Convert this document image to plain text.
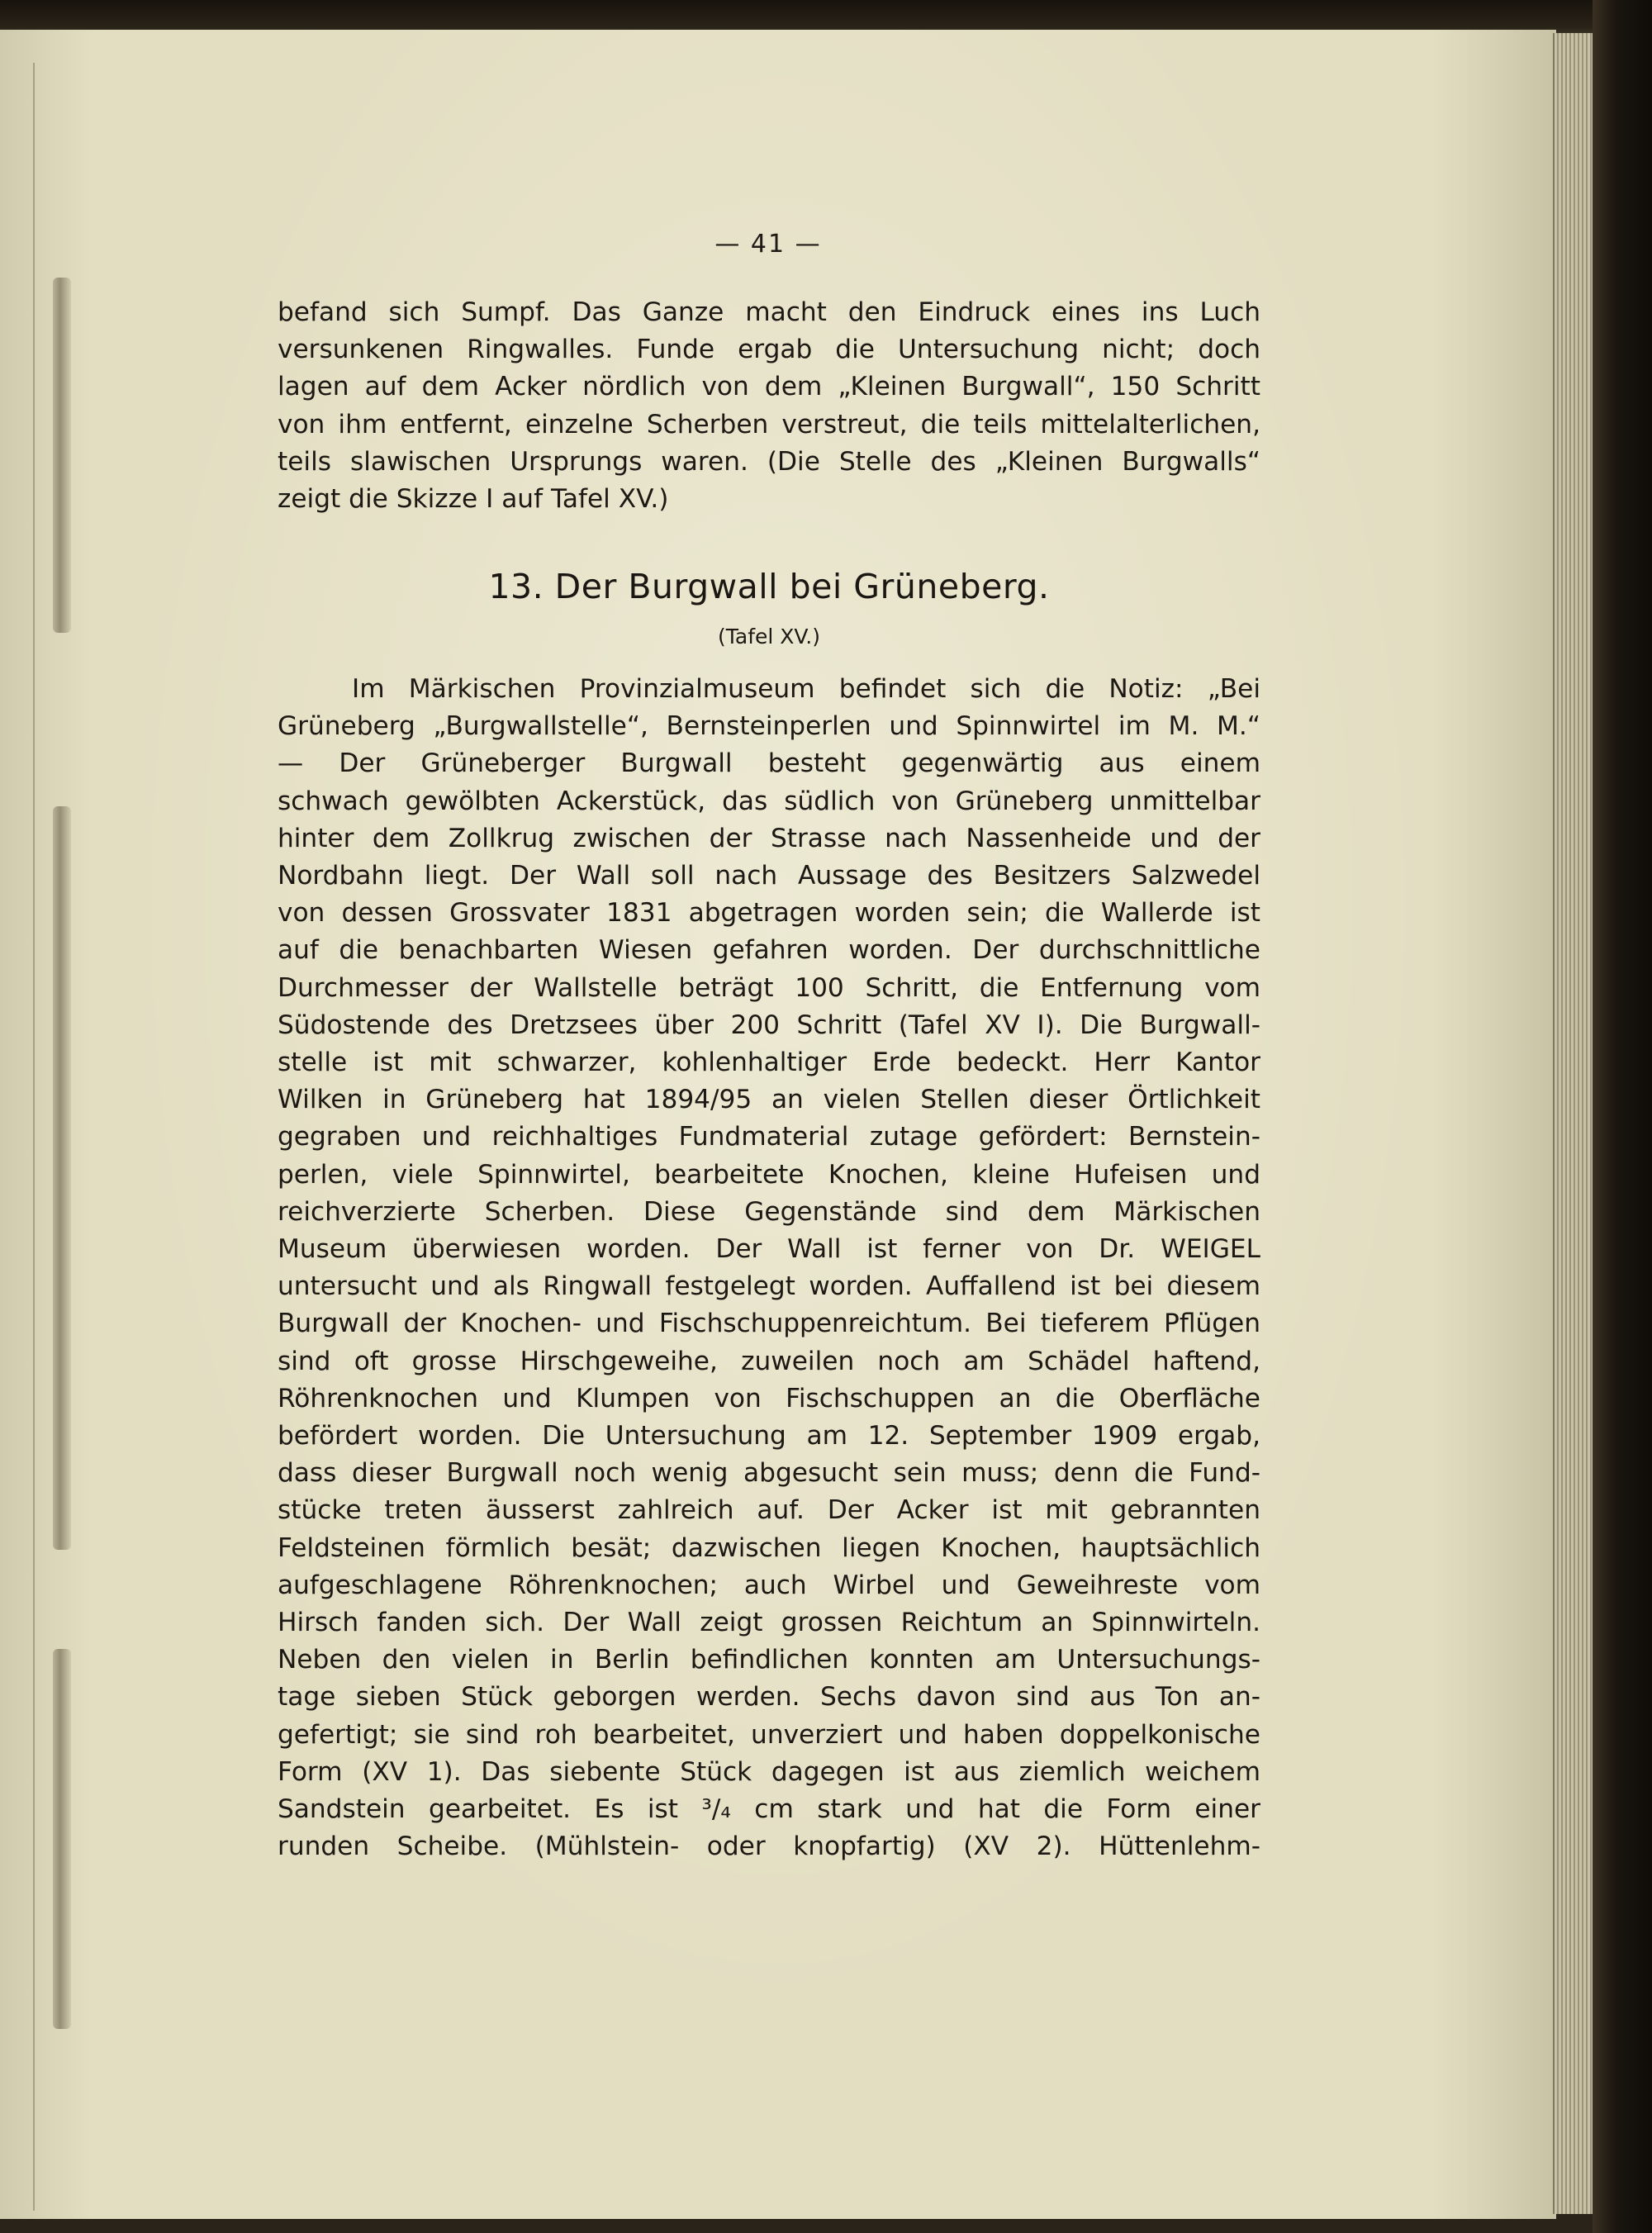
— 41 —
befand sich Sumpf. Das Ganze macht den Eindruck eines ins Luch
versunkenen Ringwalles. Funde ergab die Untersuchung nicht; doch
lagen auf dem Acker nördlich von dem „Kleinen Burgwall“, 150 Schritt
von ihm entfernt, einzelne Scherben verstreut, die teils mittelalterlichen,
teils slawischen Ursprungs waren. (Die Stelle des „Kleinen Burgwalls“
zeigt die Skizze I auf Tafel XV.)
13. Der Burgwall bei Grüneberg.
(Tafel XV.)
Im Märkischen Provinzialmuseum befindet sich die Notiz: „Bei
Grüneberg „Burgwallstelle“, Bernsteinperlen und Spinnwirtel im M. M.“
— Der Grüneberger Burgwall besteht gegenwärtig aus einem
schwach gewölbten Ackerstück, das südlich von Grüneberg unmittelbar
hinter dem Zollkrug zwischen der Strasse nach Nassenheide und der
Nordbahn liegt. Der Wall soll nach Aussage des Besitzers Salzwedel
von dessen Grossvater 1831 abgetragen worden sein; die Wallerde ist
auf die benachbarten Wiesen gefahren worden. Der durchschnittliche
Durchmesser der Wallstelle beträgt 100 Schritt, die Entfernung vom
Südostende des Dretzsees über 200 Schritt (Tafel XV I). Die Burgwall-
stelle ist mit schwarzer, kohlenhaltiger Erde bedeckt. Herr Kantor
Wilken in Grüneberg hat 1894/95 an vielen Stellen dieser Örtlichkeit
gegraben und reichhaltiges Fundmaterial zutage gefördert: Bernstein-
perlen, viele Spinnwirtel, bearbeitete Knochen, kleine Hufeisen und
reichverzierte Scherben. Diese Gegenstände sind dem Märkischen
Museum überwiesen worden. Der Wall ist ferner von Dr. WEIGEL
untersucht und als Ringwall festgelegt worden. Auffallend ist bei diesem
Burgwall der Knochen- und Fischschuppenreichtum. Bei tieferem Pflügen
sind oft grosse Hirschgeweihe, zuweilen noch am Schädel haftend,
Röhrenknochen und Klumpen von Fischschuppen an die Oberfläche
befördert worden. Die Untersuchung am 12. September 1909 ergab,
dass dieser Burgwall noch wenig abgesucht sein muss; denn die Fund-
stücke treten äusserst zahlreich auf. Der Acker ist mit gebrannten
Feldsteinen förmlich besät; dazwischen liegen Knochen, hauptsächlich
aufgeschlagene Röhrenknochen; auch Wirbel und Geweihreste vom
Hirsch fanden sich. Der Wall zeigt grossen Reichtum an Spinnwirteln.
Neben den vielen in Berlin befindlichen konnten am Untersuchungs-
tage sieben Stück geborgen werden. Sechs davon sind aus Ton an-
gefertigt; sie sind roh bearbeitet, unverziert und haben doppelkonische
Form (XV 1). Das siebente Stück dagegen ist aus ziemlich weichem
Sandstein gearbeitet. Es ist ³/₄ cm stark und hat die Form einer
runden Scheibe. (Mühlstein- oder knopfartig) (XV 2). Hüttenlehm-
